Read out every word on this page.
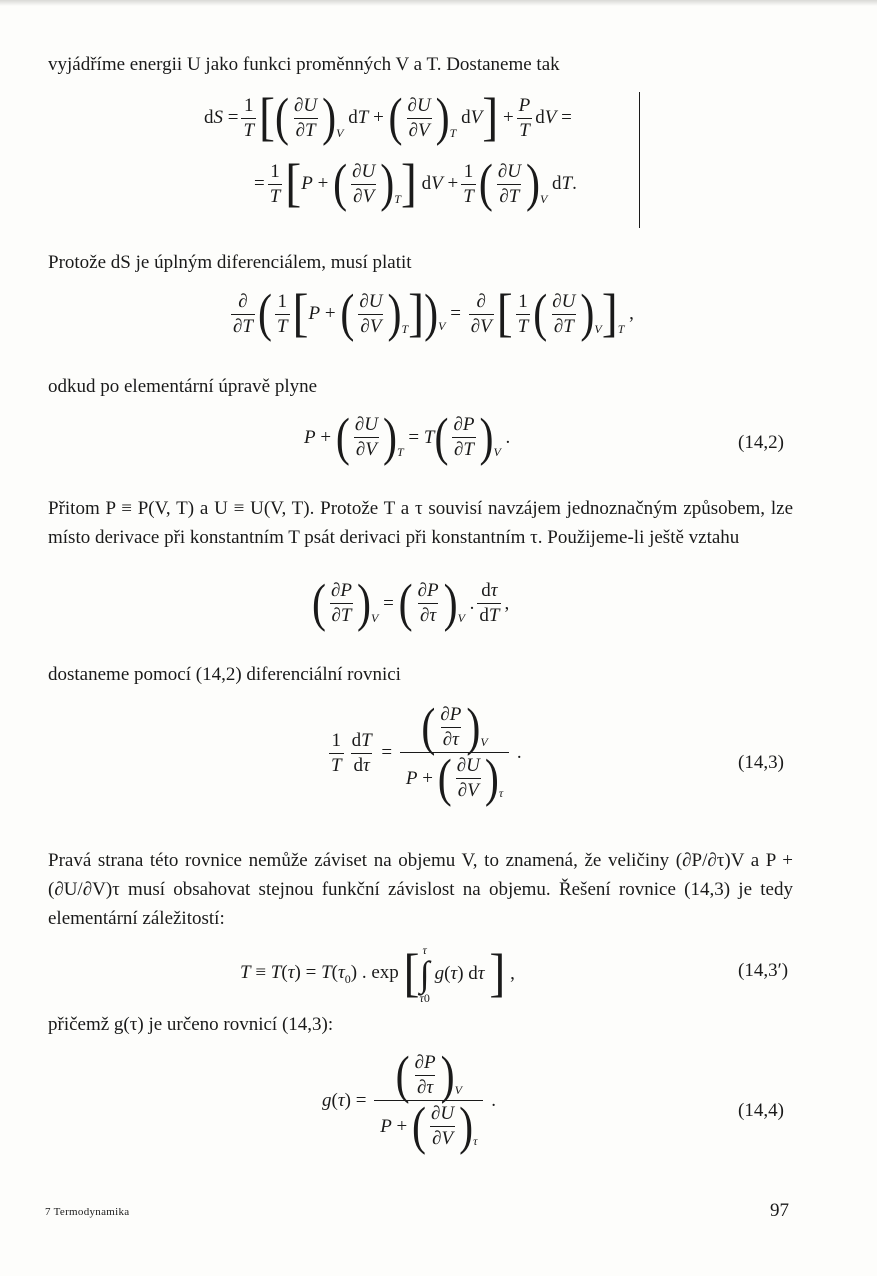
vyjádříme energii U jako funkci proměnných V a T. Dostaneme tak

dS = $\frac{1}{T}$ [ ( $\frac{\partial U}{\partial T}$ ) V
dT + ( $\frac{\partial U}{\partial V}$ ) T
dV ] + $\frac{P}{T}$ dV =
= $\frac{1}{T}$ [ P + ( $\frac{\partial U}{\partial V}$ ) T ] dV + $\frac{1}{T}$ ( $\frac{\partial U}{\partial T}$ ) V
dT.

Protože dS je úplným diferenciálem, musí platit

$\frac{\partial}{\partial T}$ ( $\frac{1}{T}$ [ P + ( $\frac{\partial U}{\partial V}$ ) T ] ) V
= $\frac{\partial}{\partial V}$ [ $\frac{1}{T}$ ( $\frac{\partial U}{\partial T}$ ) V ] T
,

odkud po elementární úpravě plyne

P + ( $\frac{\partial U}{\partial V}$ ) T
= T ( $\frac{\partial P}{\partial T}$ ) V
.	(14,2)

Přitom P ≡ P(V, T) a U ≡ U(V, T). Protože T a τ souvisí navzájem jednoznačným způsobem, lze místo derivace při konstantním T psát derivaci při konstantním τ. Použijeme-li ještě vztahu

( $\frac{\partial P}{\partial T}$ ) V
= ( $\frac{\partial P}{\partial\tau}$ ) V
. $\frac{d\tau}{dT}$ ,

dostaneme pomocí (14,2) diferenciální rovnici

$\frac{1}{T} \frac{dT}{d\tau} = \frac{( \frac{\partial P}{\partial\tau} ) V}{P + ( \frac{\partial U}{\partial V} ) \tau}$ .	(14,3)

Pravá strana této rovnice nemůže záviset na objemu V, to znamená, že veličiny (∂P/∂τ)V a P + (∂U/∂V)τ musí obsahovat stejnou funkční závislost na objemu. Řešení rovnice (14,3) je tedy elementární záležitostí:

$T \equiv T(\tau) = T(\tau_0)$ . exp [ τ
∫
τ0
g(τ) dτ ] ,	(14,3′)

přičemž g(τ) je určeno rovnicí (14,3):

$g(\tau) = \frac{( \frac{\partial P}{\partial\tau} ) V}{P + ( \frac{\partial U}{\partial V} ) \tau}$ .	(14,4)
7 Termodynamika	97
